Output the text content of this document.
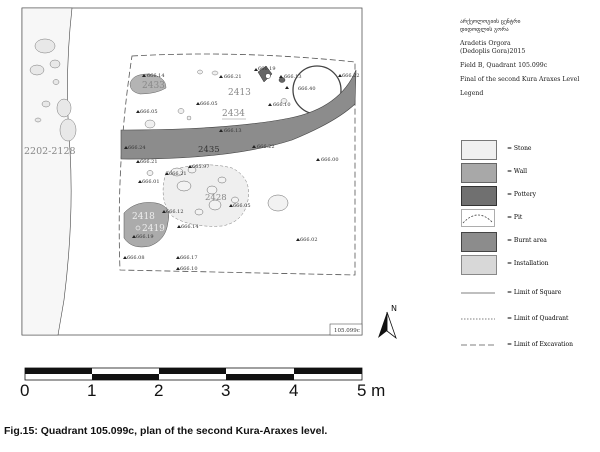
2202-2128
2433
2413
2434
2435
2428
2418
2419
666.14	666.21
666.19
666.13	666.22
666.05
666.05
666.40
666.10
666.13
666.24	666.22
666.00
666.21
665.97
666.21
666.01
666.05
666.12
666.14
666.19
666.08
666.02
666.17
666.10
105.099c
N
0	1	2	3	4	5 m
არქეოლოგიის ცენტრი
დიდოფლის გორა
Aradetis Orgora
(Dedoplis Gora)2015
Field B, Quadrant 105.099c
Final of the second Kura Araxes Level
Legend
= Stone
= Wall
= Pottery
= Pit
= Burnt area
= Installation
= Limit of Square
= Limit of Quadrant
= Limit of Excavation
Fig.15: Quadrant 105.099c, plan of the second Kura-Araxes level.
